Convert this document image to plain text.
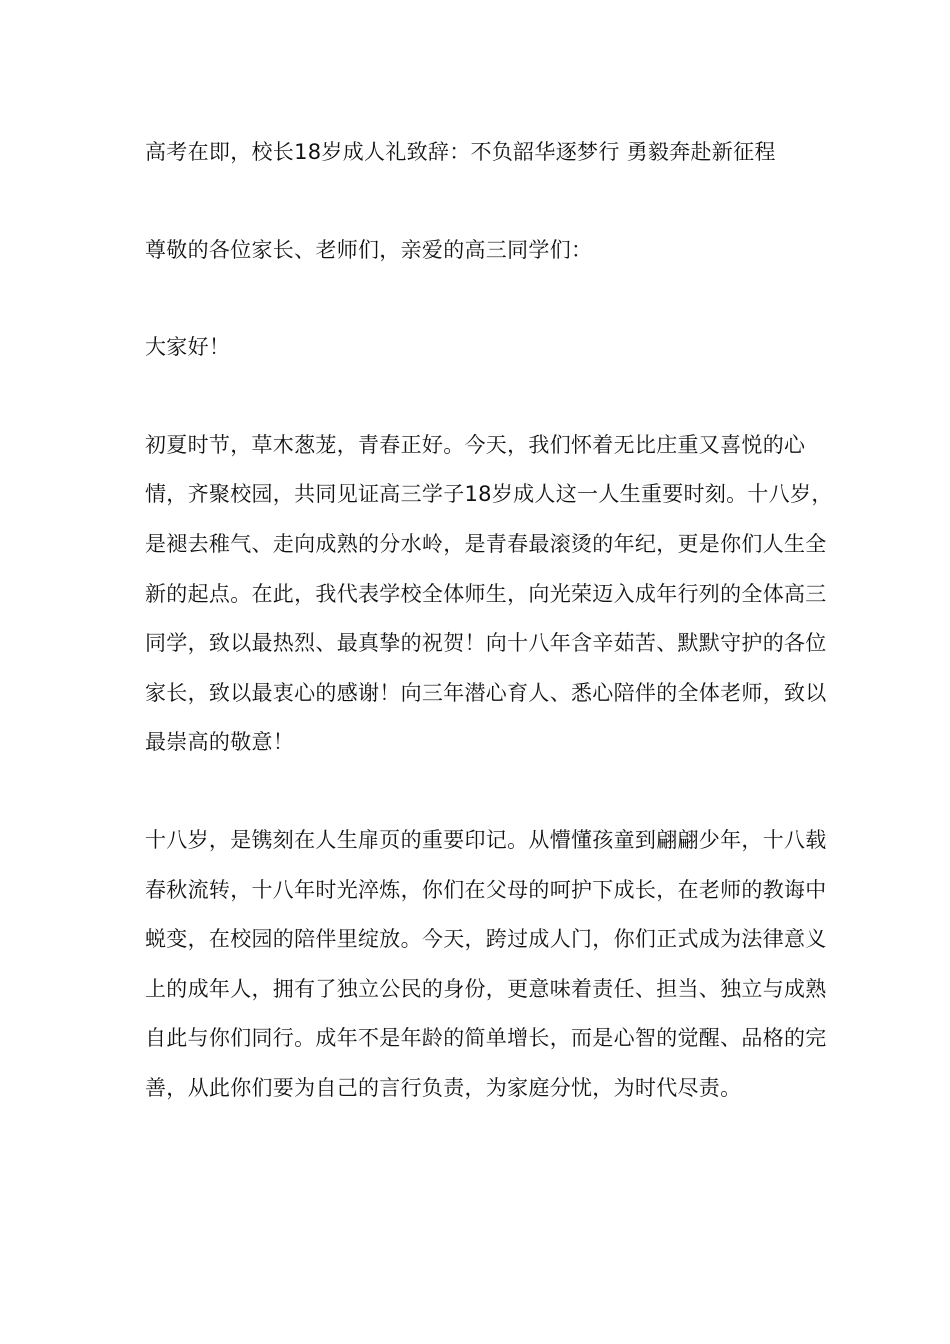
高考在即，校长18岁成人礼致辞：不负韶华逐梦行 勇毅奔赴新征程

尊敬的各位家长、老师们，亲爱的高三同学们：

大家好！

初夏时节，草木葱茏，青春正好。今天，我们怀着无比庄重又喜悦的心情，齐聚校园，共同见证高三学子18岁成人这一人生重要时刻。十八岁，是褪去稚气、走向成熟的分水岭，是青春最滚烫的年纪，更是你们人生全新的起点。在此，我代表学校全体师生，向光荣迈入成年行列的全体高三同学，致以最热烈、最真挚的祝贺！向十八年含辛茹苦、默默守护的各位家长，致以最衷心的感谢！向三年潜心育人、悉心陪伴的全体老师，致以最崇高的敬意！

十八岁，是镌刻在人生扉页的重要印记。从懵懂孩童到翩翩少年，十八载春秋流转，十八年时光淬炼，你们在父母的呵护下成长，在老师的教诲中蜕变，在校园的陪伴里绽放。今天，跨过成人门，你们正式成为法律意义上的成年人，拥有了独立公民的身份，更意味着责任、担当、独立与成熟自此与你们同行。成年不是年龄的简单增长，而是心智的觉醒、品格的完善，从此你们要为自己的言行负责，为家庭分忧，为时代尽责。
